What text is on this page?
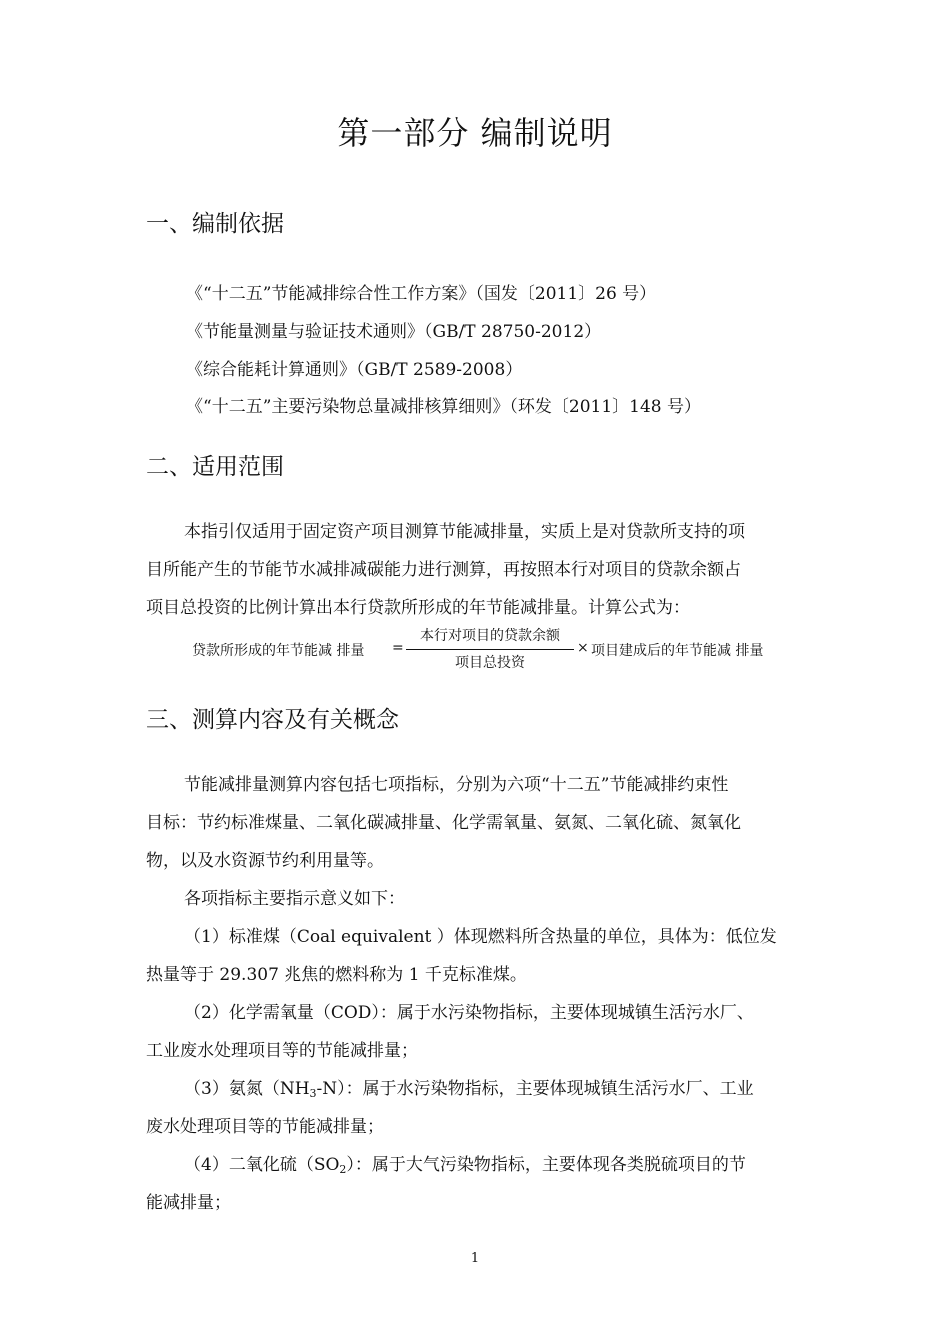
第一部分 编制说明
一、编制依据
《“十二五”节能减排综合性工作方案》（国发〔2011〕26 号）
《节能量测量与验证技术通则》（GB/T 28750-2012）
《综合能耗计算通则》（GB/T 2589-2008）
《“十二五”主要污染物总量减排核算细则》（环发〔2011〕148 号）
二、适用范围
本指引仅适用于固定资产项目测算节能减排量，实质上是对贷款所支持的项
目所能产生的节能节水减排减碳能力进行测算，再按照本行对项目的贷款余额占
项目总投资的比例计算出本行贷款所形成的年节能减排量。计算公式为：
贷款所形成的年节能减 排量 =
本行对项目的贷款余额
项目总投资
× 项目建成后的年节能减 排量
三、测算内容及有关概念
节能减排量测算内容包括七项指标，分别为六项“十二五”节能减排约束性
目标：节约标准煤量、二氧化碳减排量、化学需氧量、氨氮、二氧化硫、氮氧化
物，以及水资源节约利用量等。
各项指标主要指示意义如下：
（1）标准煤（Coal equivalent ）体现燃料所含热量的单位，具体为：低位发
热量等于 29.307 兆焦的燃料称为 1 千克标准煤。
（2）化学需氧量（COD）：属于水污染物指标，主要体现城镇生活污水厂、
工业废水处理项目等的节能减排量；
（3）氨氮$(NH_3-N)$：属于水污染物指标，主要体现城镇生活污水厂、工业
废水处理项目等的节能减排量；
（4）二氧化硫$(SO_2)$：属于大气污染物指标，主要体现各类脱硫项目的节
能减排量；
1
